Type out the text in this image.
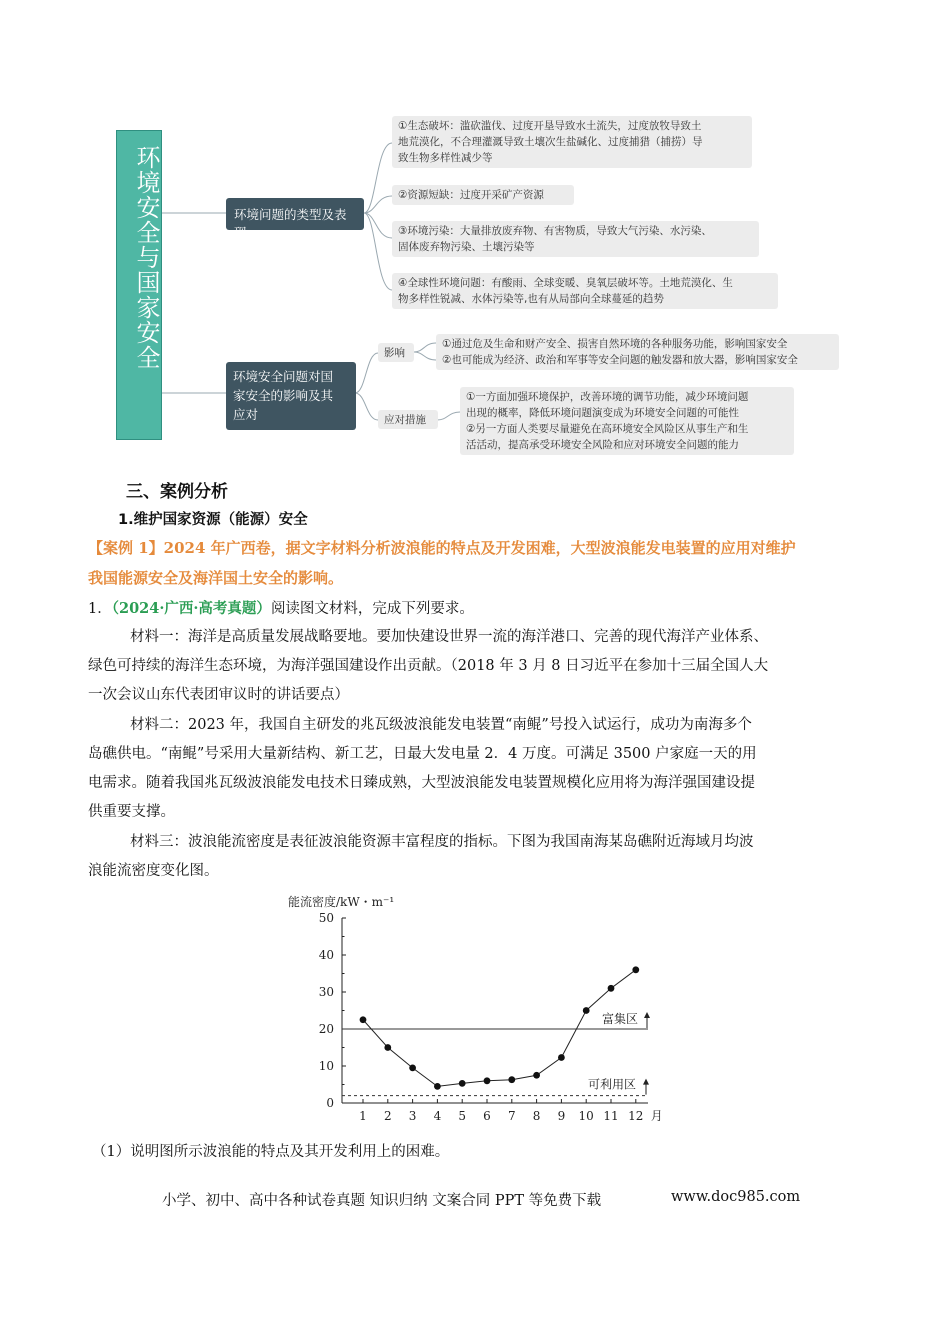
环境安全与国家安全	环境问题的类型及表现
①生态破坏：滥砍滥伐、过度开垦导致水土流失，过度放牧导致土
地荒漠化，不合理灌溉导致土壤次生盐碱化、过度捕猎（捕捞）导
致生物多样性减少等
②资源短缺：过度开采矿产资源
③环境污染：大量排放废弃物、有害物质，导致大气污染、水污染、
固体废弃物污染、土壤污染等
④全球性环境问题：有酸雨、全球变暖、臭氧层破坏等。土地荒漠化、生
物多样性锐减、水体污染等,也有从局部向全球蔓延的趋势
环境安全问题对国
家安全的影响及其
应对
影响
①通过危及生命和财产安全、损害自然环境的各种服务功能，影响国家安全
②也可能成为经济、政治和军事等安全问题的触发器和放大器，影响国家安全
应对措施
①一方面加强环境保护，改善环境的调节功能，减少环境问题
出现的概率，降低环境问题演变成为环境安全问题的可能性
②另一方面人类要尽量避免在高环境安全风险区从事生产和生
活活动，提高承受环境安全风险和应对环境安全问题的能力
三、案例分析
1.维护国家资源（能源）安全
【案例 1】2024 年广西卷，据文字材料分析波浪能的特点及开发困难，大型波浪能发电装置的应用对维护
我国能源安全及海洋国土安全的影响。
1．（2024·广西·高考真题）阅读图文材料，完成下列要求。
材料一：海洋是高质量发展战略要地。要加快建设世界一流的海洋港口、完善的现代海洋产业体系、
绿色可持续的海洋生态环境，为海洋强国建设作出贡献。（2018 年 3 月 8 日习近平在参加十三届全国人大
一次会议山东代表团审议时的讲话要点）
材料二：2023 年，我国自主研发的兆瓦级波浪能发电装置“南鲲”号投入试运行，成功为南海多个
岛礁供电。“南鲲”号采用大量新结构、新工艺，日最大发电量 2．4 万度。可满足 3500 户家庭一天的用
电需求。随着我国兆瓦级波浪能发电技术日臻成熟，大型波浪能发电装置规模化应用将为海洋强国建设提
供重要支撑。
材料三：波浪能流密度是表征波浪能资源丰富程度的指标。下图为我国南海某岛礁附近海域月均波
浪能流密度变化图。
0
10
20
30
40
50
1 2 3 4 5 6 7 8 9 10 11 12 月
能流密度/kW・m⁻¹
富集区
可利用区
（1）说明图所示波浪能的特点及其开发利用上的困难。
小学、初中、高中各种试卷真题 知识归纳 文案合同 PPT 等免费下载	www.doc985.com
